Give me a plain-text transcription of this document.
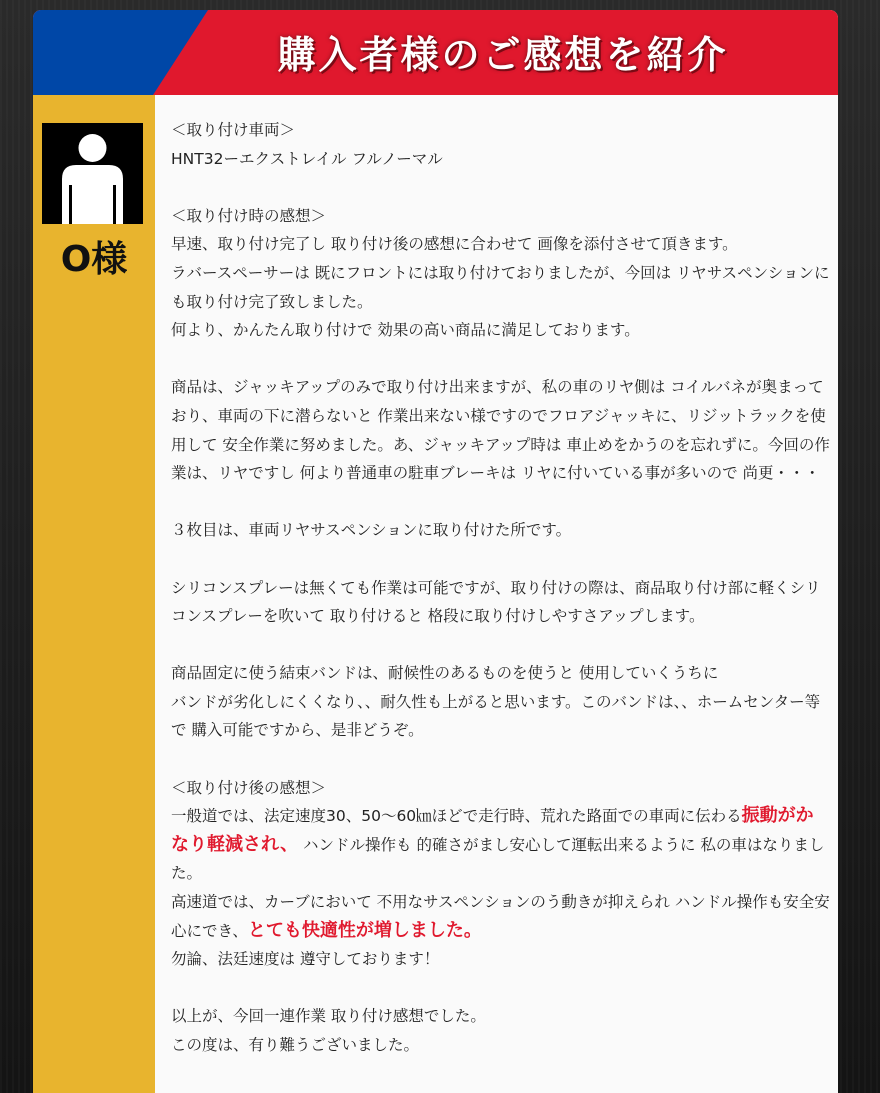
購入者様のご感想を紹介
O様

＜取り付け車両＞

HNT32ーエクストレイル フルノーマル

＜取り付け時の感想＞

早速、取り付け完了し 取り付け後の感想に合わせて 画像を添付させて頂きます。

ラバースペーサーは 既にフロントには取り付けておりましたが、今回は リヤサスペンションにも取り付け完了致しました。

何より、かんたん取り付けで 効果の高い商品に満足しております。

商品は、ジャッキアップのみで取り付け出来ますが、私の車のリヤ側は コイルバネが奥まっており、車両の下に潜らないと 作業出来ない様ですのでフロアジャッキに、リジットラックを使用して 安全作業に努めました。あ、ジャッキアップ時は 車止めをかうのを忘れずに。今回の作業は、リヤですし 何より普通車の駐車ブレーキは リヤに付いている事が多いので 尚更・・・

３枚目は、車両リヤサスペンションに取り付けた所です。

シリコンスプレーは無くても作業は可能ですが、取り付けの際は、商品取り付け部に軽くシリコンスプレーを吹いて 取り付けると 格段に取り付けしやすさアップします。

商品固定に使う結束バンドは、耐候性のあるものを使うと 使用していくうちに

バンドが劣化しにくくなり、、耐久性も上がると思います。このバンドは、、ホームセンター等で 購入可能ですから、是非どうぞ。

＜取り付け後の感想＞

一般道では、法定速度30、50～60㎞ほどで走行時、荒れた路面での車両に伝わる振動がかなり軽減され、 ハンドル操作も 的確さがまし安心して運転出来るように 私の車はなりました。

高速道では、カーブにおいて 不用なサスペンションのう動きが抑えられ ハンドル操作も安全安心にでき、とても快適性が増しました。

勿論、法廷速度は 遵守しております！

以上が、今回一連作業 取り付け感想でした。

この度は、有り難うございました。
